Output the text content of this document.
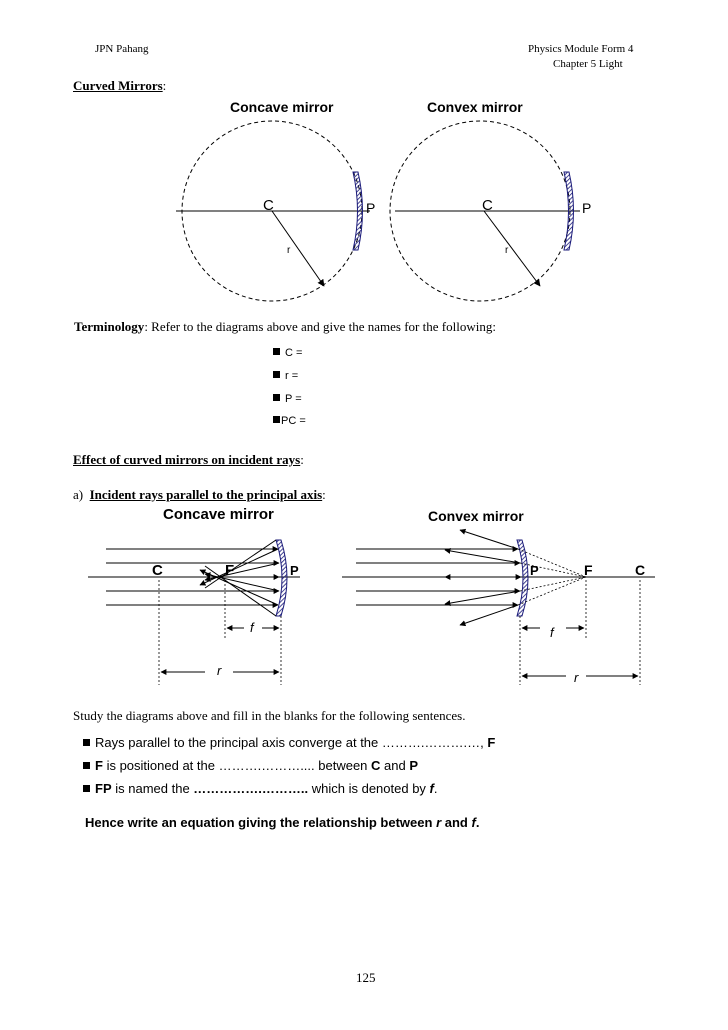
JPN Pahang	Physics Module Form 4
Chapter 5 Light
Curved Mirrors:
Concave mirror	Convex mirror
C	P
r
C	P
r
Terminology: Refer to the diagrams above and give the names for the following:
C =
r =
P =
PC =
Effect of curved mirrors on incident rays:
a) Incident rays parallel to the principal axis:
Concave mirror	Convex mirror
C	F	P
f
r
P	F	C
f
r
Study the diagrams above and fill in the blanks for the following sentences.
Rays parallel to the principal axis converge at the ……….……….…, F
F is positioned at the ……….……….... between C and P
FP is named the …………….……….. which is denoted by f.
Hence write an equation giving the relationship between r and f.
125
